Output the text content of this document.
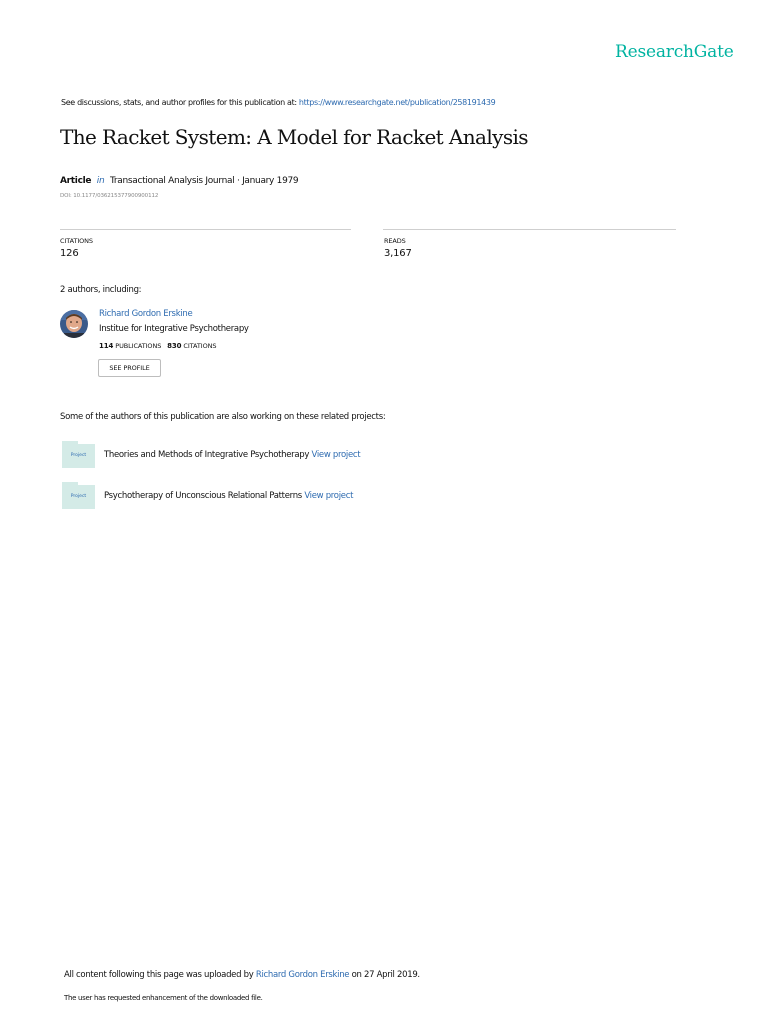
ResearchGate
See discussions, stats, and author profiles for this publication at: https://www.researchgate.net/publication/258191439
The Racket System: A Model for Racket Analysis
Article in Transactional Analysis Journal · January 1979
DOI: 10.1177/036215377900900112
CITATIONS
126
READS
3,167
2 authors, including:
Richard Gordon Erskine
Institue for Integrative Psychotherapy
114 PUBLICATIONS 830 CITATIONS
SEE PROFILE
Some of the authors of this publication are also working on these related projects:
Project	Theories and Methods of Integrative Psychotherapy View project
Project	Psychotherapy of Unconscious Relational Patterns View project
All content following this page was uploaded by Richard Gordon Erskine on 27 April 2019.
The user has requested enhancement of the downloaded file.
